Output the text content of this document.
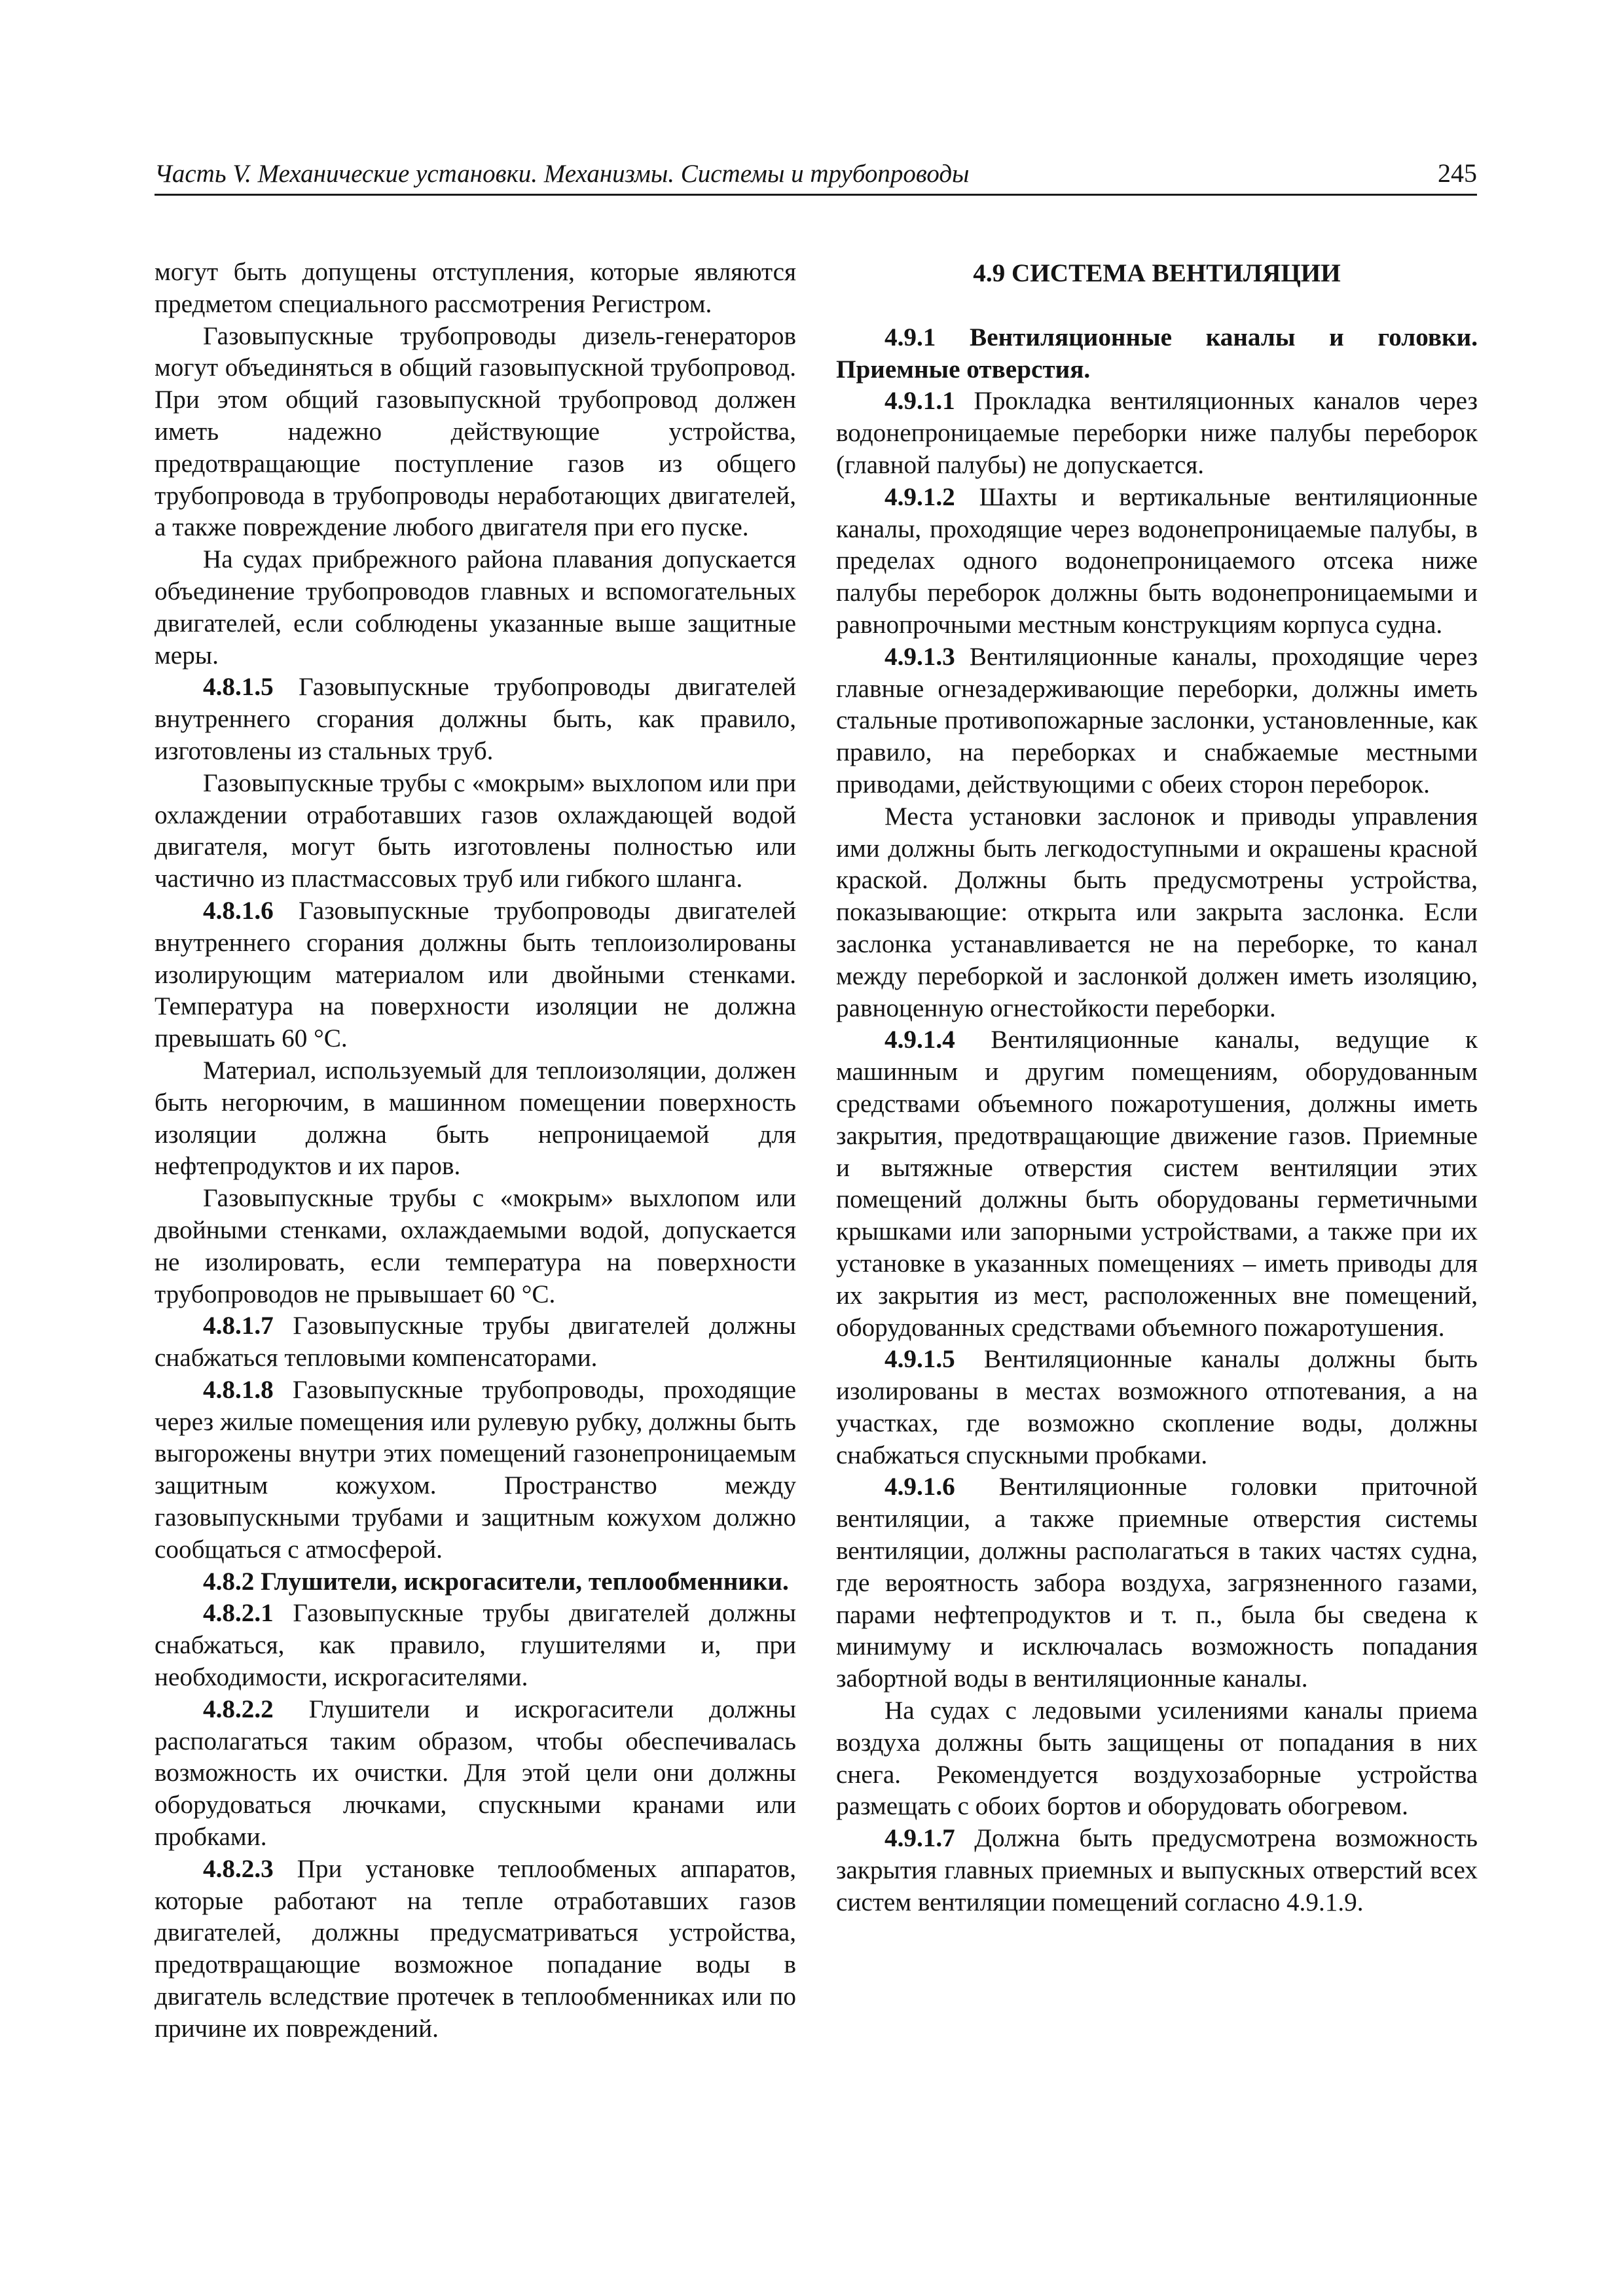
Часть V. Механические установки. Механизмы. Системы и трубопроводы	245

могут быть допущены отступления, которые являются предметом специального рассмотрения Регистром.

Газовыпускные трубопроводы дизель-генераторов могут объединяться в общий газовыпускной трубопровод. При этом общий газовыпускной трубопровод должен иметь надежно действующие устройства, предотвращающие поступление газов из общего трубопровода в трубопроводы неработающих двигателей, а также повреждение любого двигателя при его пуске.

На судах прибрежного района плавания допускается объединение трубопроводов главных и вспомогательных двигателей, если соблюдены указанные выше защитные меры.

4.8.1.5 Газовыпускные трубопроводы двигателей внутреннего сгорания должны быть, как правило, изготовлены из стальных труб.

Газовыпускные трубы с «мокрым» выхлопом или при охлаждении отработавших газов охлаждающей водой двигателя, могут быть изготовлены полностью или частично из пластмассовых труб или гибкого шланга.

4.8.1.6 Газовыпускные трубопроводы двигателей внутреннего сгорания должны быть теплоизолированы изолирующим материалом или двойными стенками. Температура на поверхности изоляции не должна превышать 60 °С.

Материал, используемый для теплоизоляции, должен быть негорючим, в машинном помещении поверхность изоляции должна быть непроницаемой для нефтепродуктов и их паров.

Газовыпускные трубы с «мокрым» выхлопом или двойными стенками, охлаждаемыми водой, допускается не изолировать, если температура на поверхности трубопроводов не прывышает 60 °С.

4.8.1.7 Газовыпускные трубы двигателей должны снабжаться тепловыми компенсаторами.

4.8.1.8 Газовыпускные трубопроводы, проходящие через жилые помещения или рулевую рубку, должны быть выгорожены внутри этих помещений газонепроницаемым защитным кожухом. Пространство между газовыпускными трубами и защитным кожухом должно сообщаться с атмосферой.

4.8.2 Глушители, искрогасители, теплообменники.

4.8.2.1 Газовыпускные трубы двигателей должны снабжаться, как правило, глушителями и, при необходимости, искрогасителями.

4.8.2.2 Глушители и искрогасители должны располагаться таким образом, чтобы обеспечивалась возможность их очистки. Для этой цели они должны оборудоваться лючками, спускными кранами или пробками.

4.8.2.3 При установке теплообменых аппаратов, которые работают на тепле отработавших газов двигателей, должны предусматриваться устройства, предотвращающие возможное попадание воды в двигатель вследствие протечек в теплообменниках или по причине их повреждений.

4.9 СИСТЕМА ВЕНТИЛЯЦИИ

4.9.1 Вентиляционные каналы и головки. Приемные отверстия.

4.9.1.1 Прокладка вентиляционных каналов через водонепроницаемые переборки ниже палубы переборок (главной палубы) не допускается.

4.9.1.2 Шахты и вертикальные вентиляционные каналы, проходящие через водонепроницаемые палубы, в пределах одного водонепроницаемого отсека ниже палубы переборок должны быть водонепроницаемыми и равнопрочными местным конструкциям корпуса судна.

4.9.1.3 Вентиляционные каналы, проходящие через главные огнезадерживающие переборки, должны иметь стальные противопожарные заслонки, установленные, как правило, на переборках и снабжаемые местными приводами, действующими с обеих сторон переборок.

Места установки заслонок и приводы управления ими должны быть легкодоступными и окрашены красной краской. Должны быть предусмотрены устройства, показывающие: открыта или закрыта заслонка. Если заслонка устанавливается не на переборке, то канал между переборкой и заслонкой должен иметь изоляцию, равноценную огнестойкости переборки.

4.9.1.4 Вентиляционные каналы, ведущие к машинным и другим помещениям, оборудованным средствами объемного пожаротушения, должны иметь закрытия, предотвращающие движение газов. Приемные и вытяжные отверстия систем вентиляции этих помещений должны быть оборудованы герметичными крышками или запорными устройствами, а также при их установке в указанных помещениях – иметь приводы для их закрытия из мест, расположенных вне помещений, оборудованных средствами объемного пожаротушения.

4.9.1.5 Вентиляционные каналы должны быть изолированы в местах возможного отпотевания, а на участках, где возможно скопление воды, должны снабжаться спускными пробками.

4.9.1.6 Вентиляционные головки приточной вентиляции, а также приемные отверстия системы вентиляции, должны располагаться в таких частях судна, где вероятность забора воздуха, загрязненного газами, парами нефтепродуктов и т. п., была бы сведена к минимуму и исключалась возможность попадания забортной воды в вентиляционные каналы.

На судах с ледовыми усилениями каналы приема воздуха должны быть защищены от попадания в них снега. Рекомендуется воздухозаборные устройства размещать с обоих бортов и оборудовать обогревом.

4.9.1.7 Должна быть предусмотрена возможность закрытия главных приемных и выпускных отверстий всех систем вентиляции помещений согласно 4.9.1.9.
